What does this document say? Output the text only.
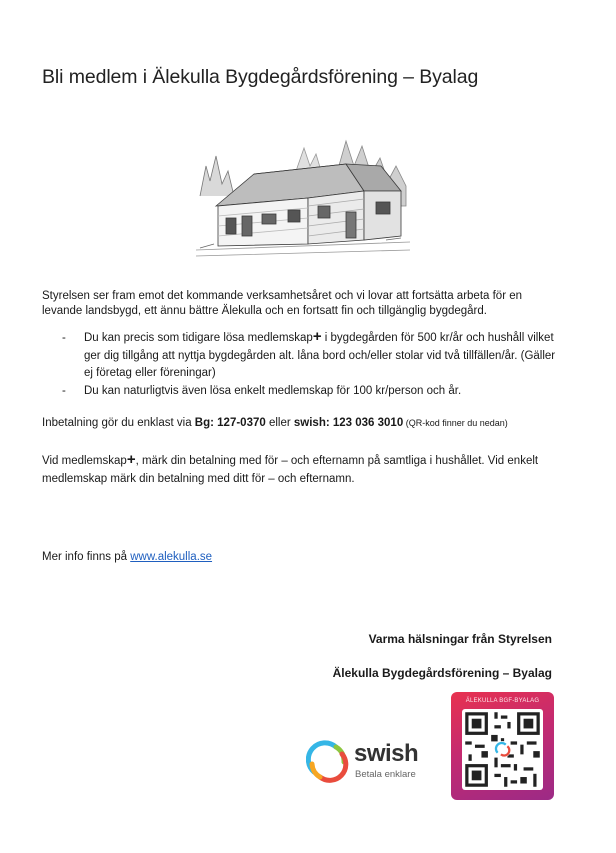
Bli medlem i Älekulla Bygdegårdsförening – Byalag
Styrelsen ser fram emot det kommande verksamhetsåret och vi lovar att fortsätta arbeta för en levande landsbygd, ett ännu bättre Älekulla och en fortsatt fin och tillgänglig bygdegård.
- Du kan precis som tidigare lösa medlemskap+ i bygdegården för 500 kr/år och hushåll vilket ger dig tillgång att nyttja bygdegården alt. låna bord och/eller stolar vid två tillfällen/år. (Gäller ej företag eller föreningar)
- Du kan naturligtvis även lösa enkelt medlemskap för 100 kr/person och år.
Inbetalning gör du enklast via Bg: 127-0370 eller swish: 123 036 3010 (QR-kod finner du nedan)
Vid medlemskap+, märk din betalning med för – och efternamn på samtliga i hushållet. Vid enkelt medlemskap märk din betalning med ditt för – och efternamn.
Mer info finns på www.alekulla.se
Varma hälsningar från Styrelsen
Älekulla Bygdegårdsförening – Byalag
swish
Betala enklare
ÄLEKULLA BGF-BYALAG
